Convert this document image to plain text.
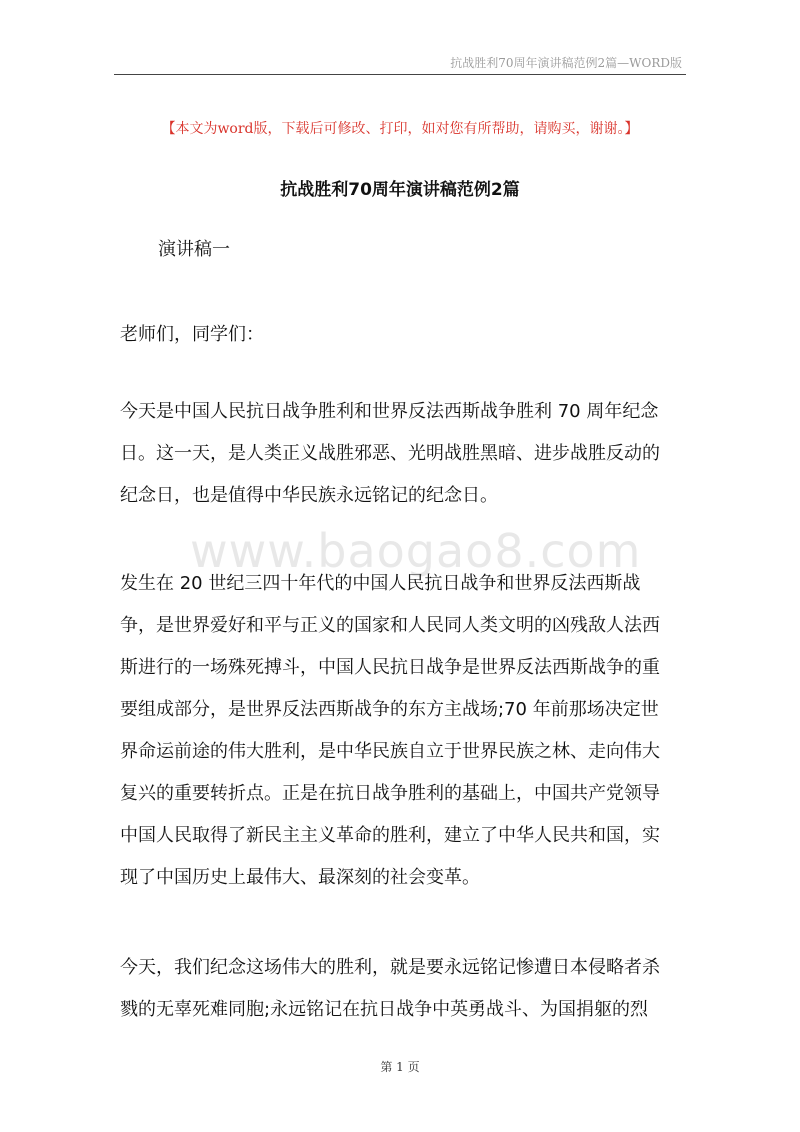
抗战胜利70周年演讲稿范例2篇—WORD版
www.baogao8.com
【本文为word版，下载后可修改、打印，如对您有所帮助，请购买，谢谢。】
抗战胜利70周年演讲稿范例2篇
演讲稿一
老师们，同学们：
今天是中国人民抗日战争胜利和世界反法西斯战争胜利 70 周年纪念
日。这一天，是人类正义战胜邪恶、光明战胜黑暗、进步战胜反动的
纪念日，也是值得中华民族永远铭记的纪念日。
发生在 20 世纪三四十年代的中国人民抗日战争和世界反法西斯战
争，是世界爱好和平与正义的国家和人民同人类文明的凶残敌人法西
斯进行的一场殊死搏斗，中国人民抗日战争是世界反法西斯战争的重
要组成部分，是世界反法西斯战争的东方主战场;70 年前那场决定世
界命运前途的伟大胜利，是中华民族自立于世界民族之林、走向伟大
复兴的重要转折点。正是在抗日战争胜利的基础上，中国共产党领导
中国人民取得了新民主主义革命的胜利，建立了中华人民共和国，实
现了中国历史上最伟大、最深刻的社会变革。
今天，我们纪念这场伟大的胜利，就是要永远铭记惨遭日本侵略者杀
戮的无辜死难同胞;永远铭记在抗日战争中英勇战斗、为国捐躯的烈
第 1 页
